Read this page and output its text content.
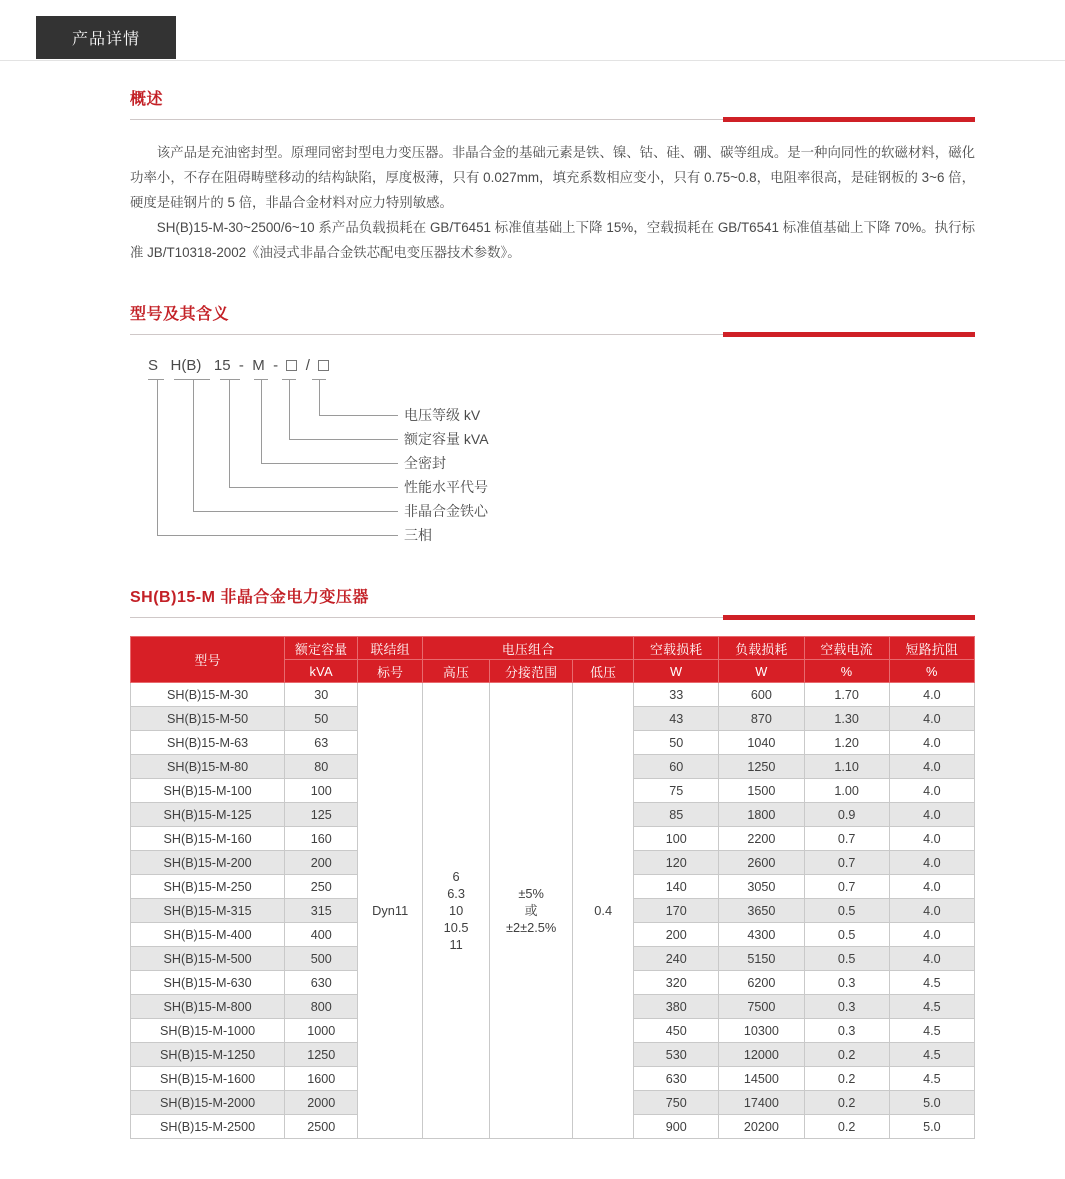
产品详情
概述

该产品是充油密封型。原理同密封型电力变压器。非晶合金的基础元素是铁、镍、钴、硅、硼、碳等组成。是一种向同性的软磁材料，磁化功率小，不存在阻碍畴壁移动的结构缺陷，厚度极薄，只有 0.027mm，填充系数相应变小，只有 0.75~0.8，电阻率很高，是硅钢板的 3~6 倍，硬度是硅钢片的 5 倍，非晶合金材料对应力特别敏感。

SH(B)15-M-30~2500/6~10 系产品负载损耗在 GB/T6451 标准值基础上下降 15%，空载损耗在 GB/T6541 标准值基础上下降 70%。执行标准 JB/T10318-2002《油浸式非晶合金铁芯配电变压器技术参数》。

型号及其含义
S H(B) 15 - M - /
电压等级 kV
额定容量 kVA
全密封
性能水平代号
非晶合金铁心
三相
SH(B)15-M 非晶合金电力变压器
型号	额定容量	联结组	电压组合			空载损耗	负载损耗	空载电流	短路抗阻
	kVA	标号	高压	分接范围	低压	W	W	%	%
SH(B)15-M-30	30	Dyn11	6
6.3
10
10.5
11	±5%
或
±2±2.5%	0.4	33	600	1.70	4.0
SH(B)15-M-50	50					43	870	1.30	4.0
SH(B)15-M-63	63					50	1040	1.20	4.0
SH(B)15-M-80	80					60	1250	1.10	4.0
SH(B)15-M-100	100					75	1500	1.00	4.0
SH(B)15-M-125	125					85	1800	0.9	4.0
SH(B)15-M-160	160					100	2200	0.7	4.0
SH(B)15-M-200	200					120	2600	0.7	4.0
SH(B)15-M-250	250					140	3050	0.7	4.0
SH(B)15-M-315	315					170	3650	0.5	4.0
SH(B)15-M-400	400					200	4300	0.5	4.0
SH(B)15-M-500	500					240	5150	0.5	4.0
SH(B)15-M-630	630					320	6200	0.3	4.5
SH(B)15-M-800	800					380	7500	0.3	4.5
SH(B)15-M-1000	1000					450	10300	0.3	4.5
SH(B)15-M-1250	1250					530	12000	0.2	4.5
SH(B)15-M-1600	1600					630	14500	0.2	4.5
SH(B)15-M-2000	2000					750	17400	0.2	5.0
SH(B)15-M-2500	2500					900	20200	0.2	5.0
